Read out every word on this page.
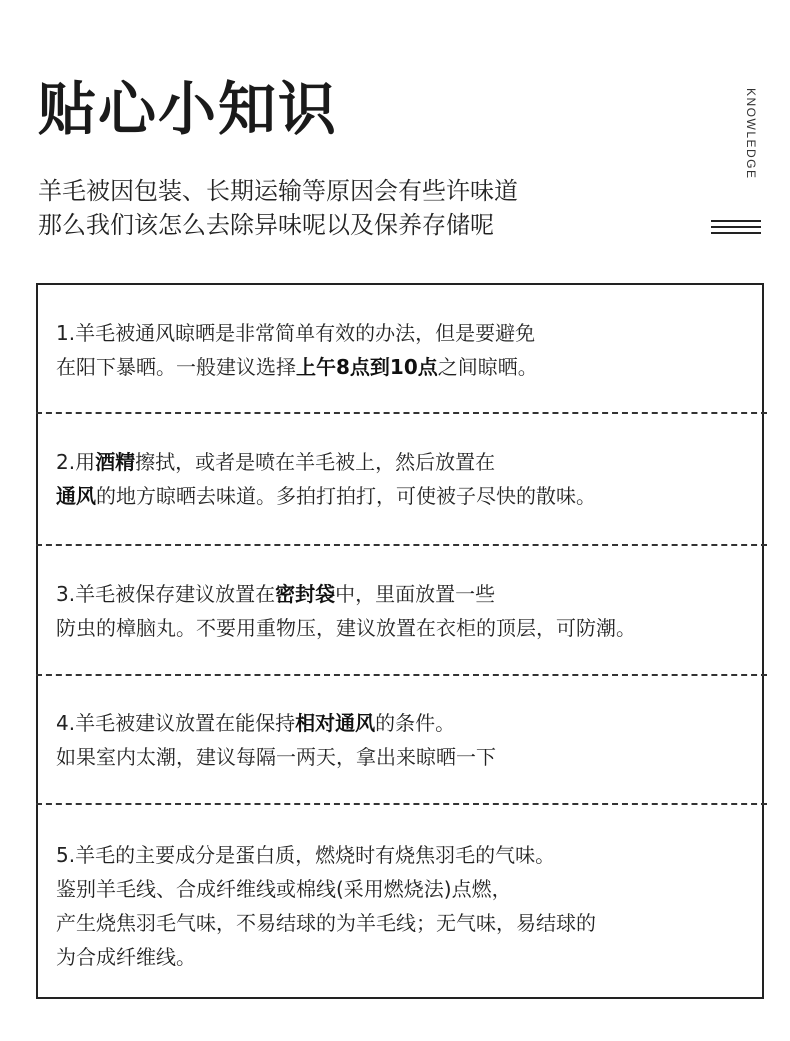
贴心小知识	KNOWLEDGE
羊毛被因包装、长期运输等原因会有些许味道
那么我们该怎么去除异味呢以及保养存储呢
1.羊毛被通风晾晒是非常简单有效的办法，但是要避免
在阳下暴晒。一般建议选择上午8点到10点之间晾晒。
2.用酒精擦拭，或者是喷在羊毛被上，然后放置在
通风的地方晾晒去味道。多拍打拍打，可使被子尽快的散味。
3.羊毛被保存建议放置在密封袋中，里面放置一些
防虫的樟脑丸。不要用重物压，建议放置在衣柜的顶层，可防潮。
4.羊毛被建议放置在能保持相对通风的条件。
如果室内太潮，建议每隔一两天，拿出来晾晒一下
5.羊毛的主要成分是蛋白质，燃烧时有烧焦羽毛的气味。
鉴别羊毛线、合成纤维线或棉线(采用燃烧法)点燃，
产生烧焦羽毛气味，不易结球的为羊毛线；无气味，易结球的
为合成纤维线。
